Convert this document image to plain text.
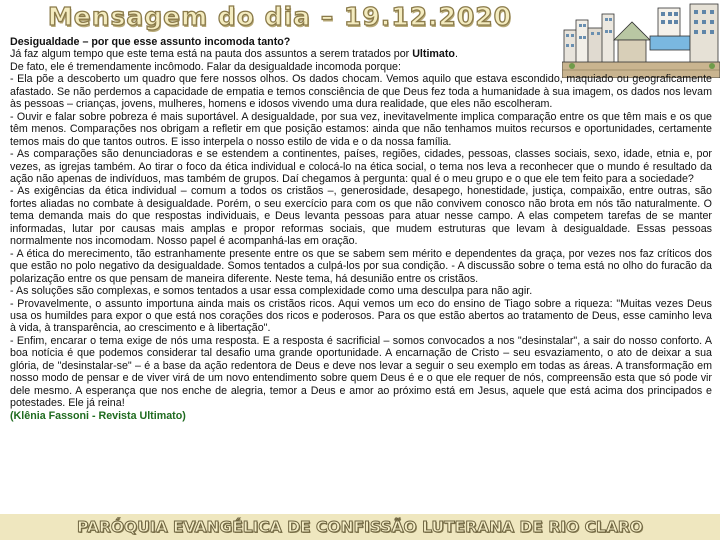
Mensagem do dia – 19.12.2020

Desigualdade – por que esse assunto incomoda tanto?

Já faz algum tempo que este tema está na pauta dos assuntos a serem tratados por Ultimato.

De fato, ele é tremendamente incômodo. Falar da desigualdade incomoda porque:

- Ela põe a descoberto um quadro que fere nossos olhos. Os dados chocam. Vemos aquilo que estava escondido, maquiado ou geograficamente afastado. Se não perdemos a capacidade de empatia e temos consciência de que Deus fez toda a humanidade à sua imagem, os dados nos levam às pessoas – crianças, jovens, mulheres, homens e idosos vivendo uma dura realidade, que eles não escolheram.

- Ouvir e falar sobre pobreza é mais suportável. A desigualdade, por sua vez, inevitavelmente implica comparação entre os que têm mais e os que têm menos. Comparações nos obrigam a refletir em que posição estamos: ainda que não tenhamos muitos recursos e oportunidades, certamente temos mais do que tantos outros. E isso interpela o nosso estilo de vida e o da nossa família.

- As comparações são denunciadoras e se estendem a continentes, países, regiões, cidades, pessoas, classes sociais, sexo, idade, etnia e, por vezes, as igrejas também. Ao tirar o foco da ética individual e colocá-lo na ética social, o tema nos leva a reconhecer que o mundo é resultado da ação não apenas de indivíduos, mas também de grupos. Daí chegamos à pergunta: qual é o meu grupo e o que ele tem feito para a sociedade?

- As exigências da ética individual – comum a todos os cristãos –, generosidade, desapego, honestidade, justiça, compaixão, entre outras, são fortes aliadas no combate à desigualdade. Porém, o seu exercício para com os que não convivem conosco não brota em nós tão naturalmente. O tema demanda mais do que respostas individuais, e Deus levanta pessoas para atuar nesse campo. A elas competem tarefas de se manter informadas, lutar por causas mais amplas e propor reformas sociais, que mudem estruturas que levam à desigualdade. Essas pessoas normalmente nos incomodam. Nosso papel é acompanhá-las em oração.

- A ética do merecimento, tão estranhamente presente entre os que se sabem sem mérito e dependentes da graça, por vezes nos faz críticos dos que estão no polo negativo da desigualdade. Somos tentados a culpá-los por sua condição. - A discussão sobre o tema está no olho do furacão da polarização entre os que pensam de maneira diferente. Neste tema, há desunião entre os cristãos.

- As soluções são complexas, e somos tentados a usar essa complexidade como uma desculpa para não agir.

- Provavelmente, o assunto importuna ainda mais os cristãos ricos. Aqui vemos um eco do ensino de Tiago sobre a riqueza: "Muitas vezes Deus usa os humildes para expor o que está nos corações dos ricos e poderosos. Para os que estão abertos ao tratamento de Deus, esse caminho leva à vida, à transparência, ao crescimento e à libertação".

- Enfim, encarar o tema exige de nós uma resposta. E a resposta é sacrificial – somos convocados a nos "desinstalar", a sair do nosso conforto. A boa notícia é que podemos considerar tal desafio uma grande oportunidade. A encarnação de Cristo – seu esvaziamento, o ato de deixar a sua glória, de "desinstalar-se" – é a base da ação redentora de Deus e deve nos levar a seguir o seu exemplo em todas as áreas. A transformação em nosso modo de pensar e de viver virá de um novo entendimento sobre quem Deus é e o que ele requer de nós, compreensão esta que só pode vir dele mesmo. A esperança que nos enche de alegria, temor a Deus e amor ao próximo está em Jesus, aquele que está acima dos principados e potestades. Ele já reina!

(Klênia Fassoni - Revista Ultimato)

PARÓQUIA EVANGÉLICA DE CONFISSÃO LUTERANA DE RIO CLARO
